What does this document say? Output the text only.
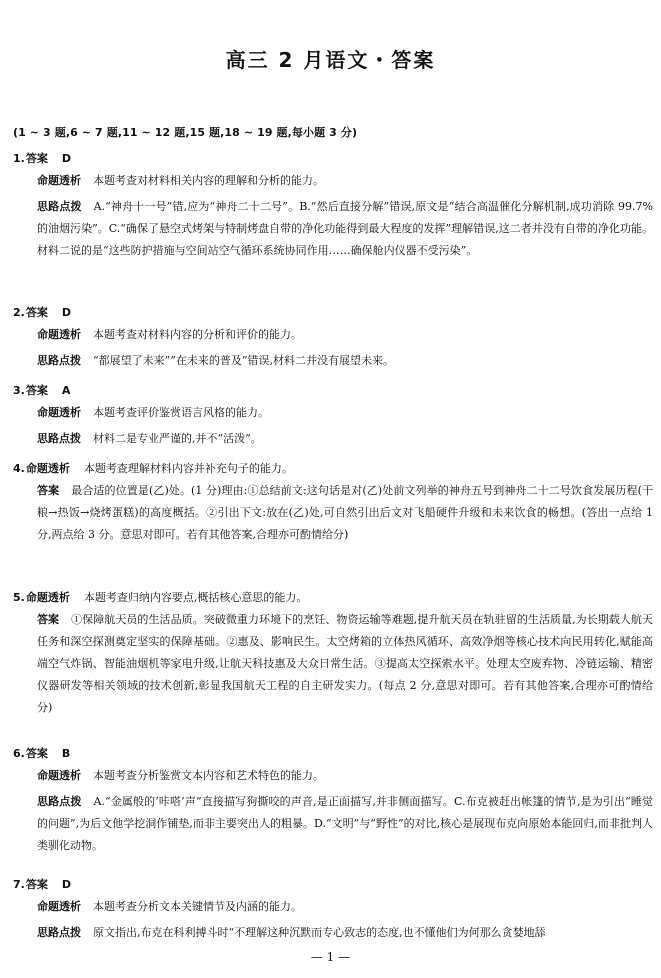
高三 2 月语文・答案
(1 ~ 3 题,6 ~ 7 题,11 ~ 12 题,15 题,18 ~ 19 题,每小题 3 分)
1.答案 D
命题透析 本题考查对材料相关内容的理解和分析的能力。
思路点拨 A.“神舟十一号”错,应为“神舟二十二号”。B.“然后直接分解”错误,原文是“结合高温催化分解机制,成功消除 99.7% 的油烟污染”。C.“确保了悬空式烤架与特制烤盘自带的净化功能得到最大程度的发挥”理解错误,这二者并没有自带的净化功能。材料二说的是“这些防护措施与空间站空气循环系统协同作用……确保舱内仪器不受污染”。
2.答案 D
命题透析 本题考查对材料内容的分析和评价的能力。
思路点拨 “都展望了未来”“在未来的普及”错误,材料二并没有展望未来。
3.答案 A
命题透析 本题考查评价鉴赏语言风格的能力。
思路点拨 材料二是专业严谨的,并不“活泼”。
4.命题透析 本题考查理解材料内容并补充句子的能力。
答案 最合适的位置是(乙)处。(1 分)理由:①总结前文:这句话是对(乙)处前文列举的神舟五号到神舟二十二号饮食发展历程(干粮→热饭→烧烤蛋糕)的高度概括。②引出下文:放在(乙)处,可自然引出后文对飞船硬件升级和未来饮食的畅想。(答出一点给 1 分,两点给 3 分。意思对即可。若有其他答案,合理亦可酌情给分)
5.命题透析 本题考查归纳内容要点,概括核心意思的能力。
答案 ①保障航天员的生活品质。突破微重力环境下的烹饪、物资运输等难题,提升航天员在轨驻留的生活质量,为长期载人航天任务和深空探测奠定坚实的保障基础。②惠及、影响民生。太空烤箱的立体热风循环、高效净烟等核心技术向民用转化,赋能高端空气炸锅、智能油烟机等家电升级,让航天科技惠及大众日常生活。③提高太空探索水平。处理太空废弃物、冷链运输、精密仪器研发等相关领域的技术创新,彰显我国航天工程的自主研发实力。(每点 2 分,意思对即可。若有其他答案,合理亦可酌情给分)
6.答案 B
命题透析 本题考查分析鉴赏文本内容和艺术特色的能力。
思路点拨 A.“金属般的‘咔嗒’声”直接描写狗撕咬的声音,是正面描写,并非侧面描写。C.布克被赶出帐篷的情节,是为引出“睡觉的问题”,为后文他学挖洞作铺垫,而非主要突出人的粗暴。D.“文明”与“野性”的对比,核心是展现布克向原始本能回归,而非批判人类驯化动物。
7.答案 D
命题透析 本题考查分析文本关键情节及内涵的能力。
思路点拨 原文指出,布克在科利搏斗时“不理解这种沉默而专心致志的态度,也不懂他们为何那么贪婪地舔
— 1 —
